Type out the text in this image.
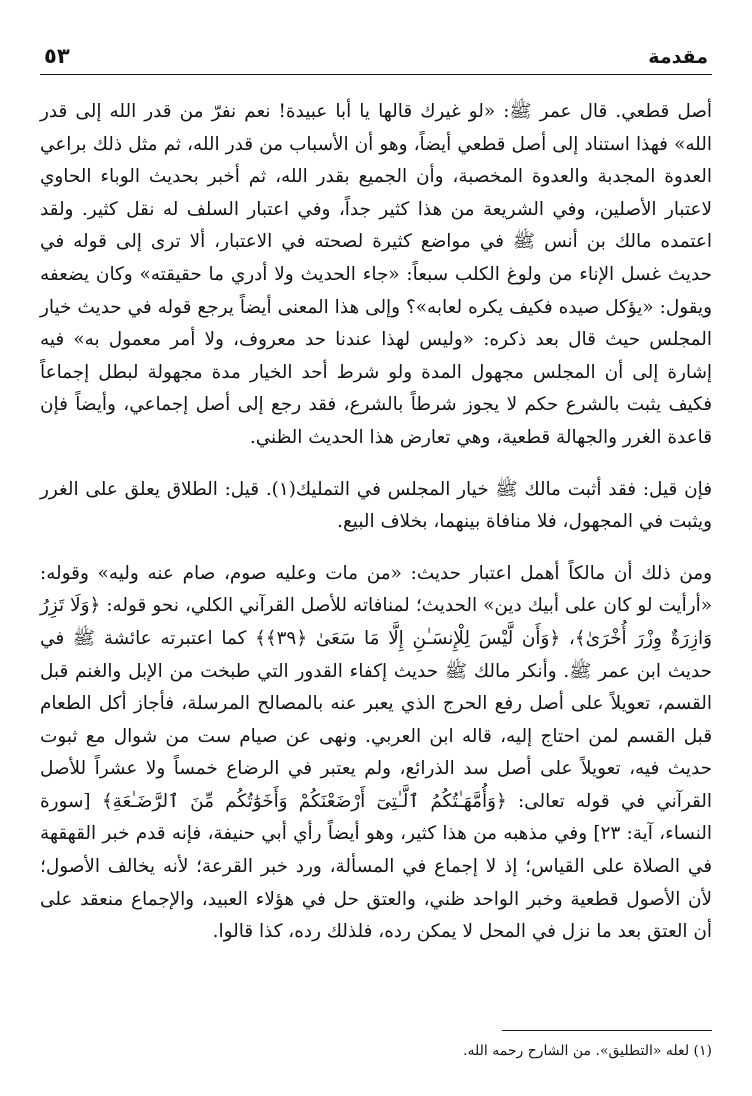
مقدمة
٥٣

أصل قطعي. قال عمر ﷺ: «لو غيرك قالها يا أبا عبيدة! نعم نفرّ من قدر الله إلى قدر الله» فهذا استناد إلى أصل قطعي أيضاً، وهو أن الأسباب من قدر الله، ثم مثل ذلك براعي العدوة المجدبة والعدوة المخصبة، وأن الجميع بقدر الله، ثم أخبر بحديث الوباء الحاوي لاعتبار الأصلين، وفي الشريعة من هذا كثير جداً، وفي اعتبار السلف له نقل كثير. ولقد اعتمده مالك بن أنس ﷺ في مواضع كثيرة لصحته في الاعتبار، ألا ترى إلى قوله في حديث غسل الإناء من ولوغ الكلب سبعاً: «جاء الحديث ولا أدري ما حقيقته» وكان يضعفه ويقول: «يؤكل صيده فكيف يكره لعابه»؟ وإلى هذا المعنى أيضاً يرجع قوله في حديث خيار المجلس حيث قال بعد ذكره: «وليس لهذا عندنا حد معروف، ولا أمر معمول به» فيه إشارة إلى أن المجلس مجهول المدة ولو شرط أحد الخيار مدة مجهولة لبطل إجماعاً فكيف يثبت بالشرع حكم لا يجوز شرطاً بالشرع، فقد رجع إلى أصل إجماعي، وأيضاً فإن قاعدة الغرر والجهالة قطعية، وهي تعارض هذا الحديث الظني.

فإن قيل: فقد أثبت مالك ﷺ خيار المجلس في التمليك(١). قيل: الطلاق يعلق على الغرر ويثبت في المجهول، فلا منافاة بينهما، بخلاف البيع.

ومن ذلك أن مالكاً أهمل اعتبار حديث: «من مات وعليه صوم، صام عنه وليه» وقوله: «أرأيت لو كان على أبيك دين» الحديث؛ لمنافاته للأصل القرآني الكلي، نحو قوله: ﴿وَلَا تَزِرُ وَازِرَةٌ وِزْرَ أُخْرَىٰ﴾، ﴿وَأَن لَّيْسَ لِلْإِنسَـٰنِ إِلَّا مَا سَعَىٰ ﴿٣٩﴾﴾ كما اعتبرته عائشة ﷺ في حديث ابن عمر ﷺ. وأنكر مالك ﷺ حديث إكفاء القدور التي طبخت من الإبل والغنم قبل القسم، تعويلاً على أصل رفع الحرج الذي يعبر عنه بالمصالح المرسلة، فأجاز أكل الطعام قبل القسم لمن احتاج إليه، قاله ابن العربي. ونهى عن صيام ست من شوال مع ثبوت حديث فيه، تعويلاً على أصل سد الذرائع، ولم يعتبر في الرضاع خمساً ولا عشراً للأصل القرآني في قوله تعالى: ﴿وَأُمَّهَـٰتُكُمُ ٱلَّـٰتِىٓ أَرْضَعْنَكُمْ وَأَخَوَٰتُكُم مِّنَ ٱلرَّضَـٰعَةِ﴾ [سورة النساء، آية: ٢٣] وفي مذهبه من هذا كثير، وهو أيضاً رأي أبي حنيفة، فإنه قدم خبر القهقهة في الصلاة على القياس؛ إذ لا إجماع في المسألة، ورد خبر القرعة؛ لأنه يخالف الأصول؛ لأن الأصول قطعية وخبر الواحد ظني، والعتق حل في هؤلاء العبيد، والإجماع منعقد على أن العتق بعد ما نزل في المحل لا يمكن رده، فلذلك رده، كذا قالوا.

(١) لعله «التطليق». من الشارح رحمه الله.
